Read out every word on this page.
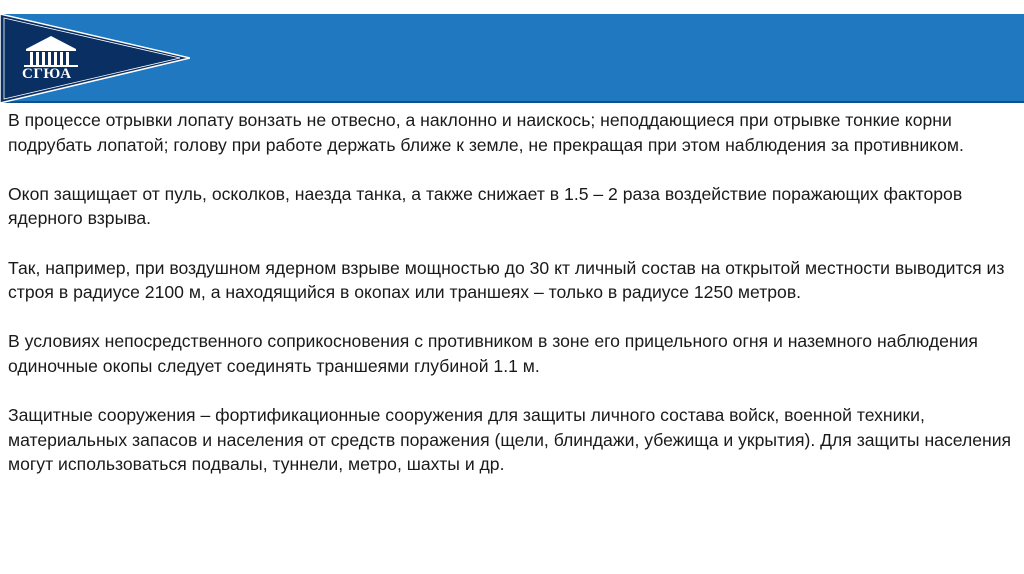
СГЮА

В процессе отрывки лопату вонзать не отвесно, а наклонно и наискось; неподдающиеся при отрывке тонкие корни подрубать лопатой; голову при работе держать ближе к земле, не прекращая при этом наблюдения за противником.

Окоп защищает от пуль, осколков, наезда танка, а также снижает в 1.5 – 2 раза воздействие поражающих факторов ядерного взрыва.

Так, например, при воздушном ядерном взрыве мощностью до 30 кт личный состав на открытой местности выводится из строя в радиусе 2100 м, а находящийся в окопах или траншеях – только в радиусе 1250 метров.

В условиях непосредственного соприкосновения с противником в зоне его прицельного огня и наземного наблюдения одиночные окопы следует соединять траншеями глубиной 1.1 м.

Защитные сооружения – фортификационные сооружения для защиты личного состава войск, военной техники, материальных запасов и населения от средств поражения (щели, блиндажи, убежища и укрытия). Для защиты населения могут использоваться подвалы, туннели, метро, шахты и др.
